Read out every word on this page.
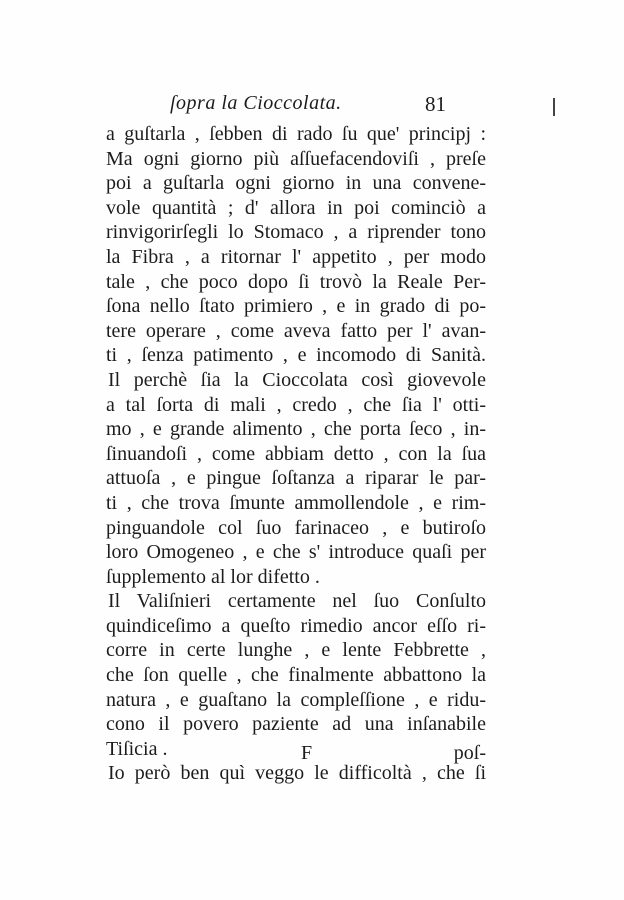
ſopra la Cioccolata.	81
a guſtarla , ſebben di rado ſu que' principj :
Ma ogni giorno più aſſuefacendoviſi , preſe
poi a guſtarla ogni giorno in una convene-
vole quantità ; d' allora in poi cominciò a
rinvigorirſegli lo Stomaco , a riprender tono
la Fibra , a ritornar l' appetito , per modo
tale , che poco dopo ſi trovò la Reale Per-
ſona nello ſtato primiero , e in grado di po-
tere operare , come aveva fatto per l' avan-
ti , ſenza patimento , e incomodo di Sanità.
Il perchè ſia la Cioccolata così giovevole
a tal ſorta di mali , credo , che ſia l' otti-
mo , e grande alimento , che porta ſeco , in-
ſinuandoſi , come abbiam detto , con la ſua
attuoſa , e pingue ſoſtanza a riparar le par-
ti , che trova ſmunte ammollendole , e rim-
pinguandole col ſuo farinaceo , e butiroſo
loro Omogeneo , e che s' introduce quaſi per
ſupplemento al lor difetto .
Il Valiſnieri certamente nel ſuo Conſulto
quindiceſimo a queſto rimedio ancor eſſo ri-
corre in certe lunghe , e lente Febbrette ,
che ſon quelle , che finalmente abbattono la
natura , e guaſtano la compleſſione , e ridu-
cono il povero paziente ad una inſanabile
Tiſicia .
Io però ben quì veggo le difficoltà , che ſi
F	poſ-
